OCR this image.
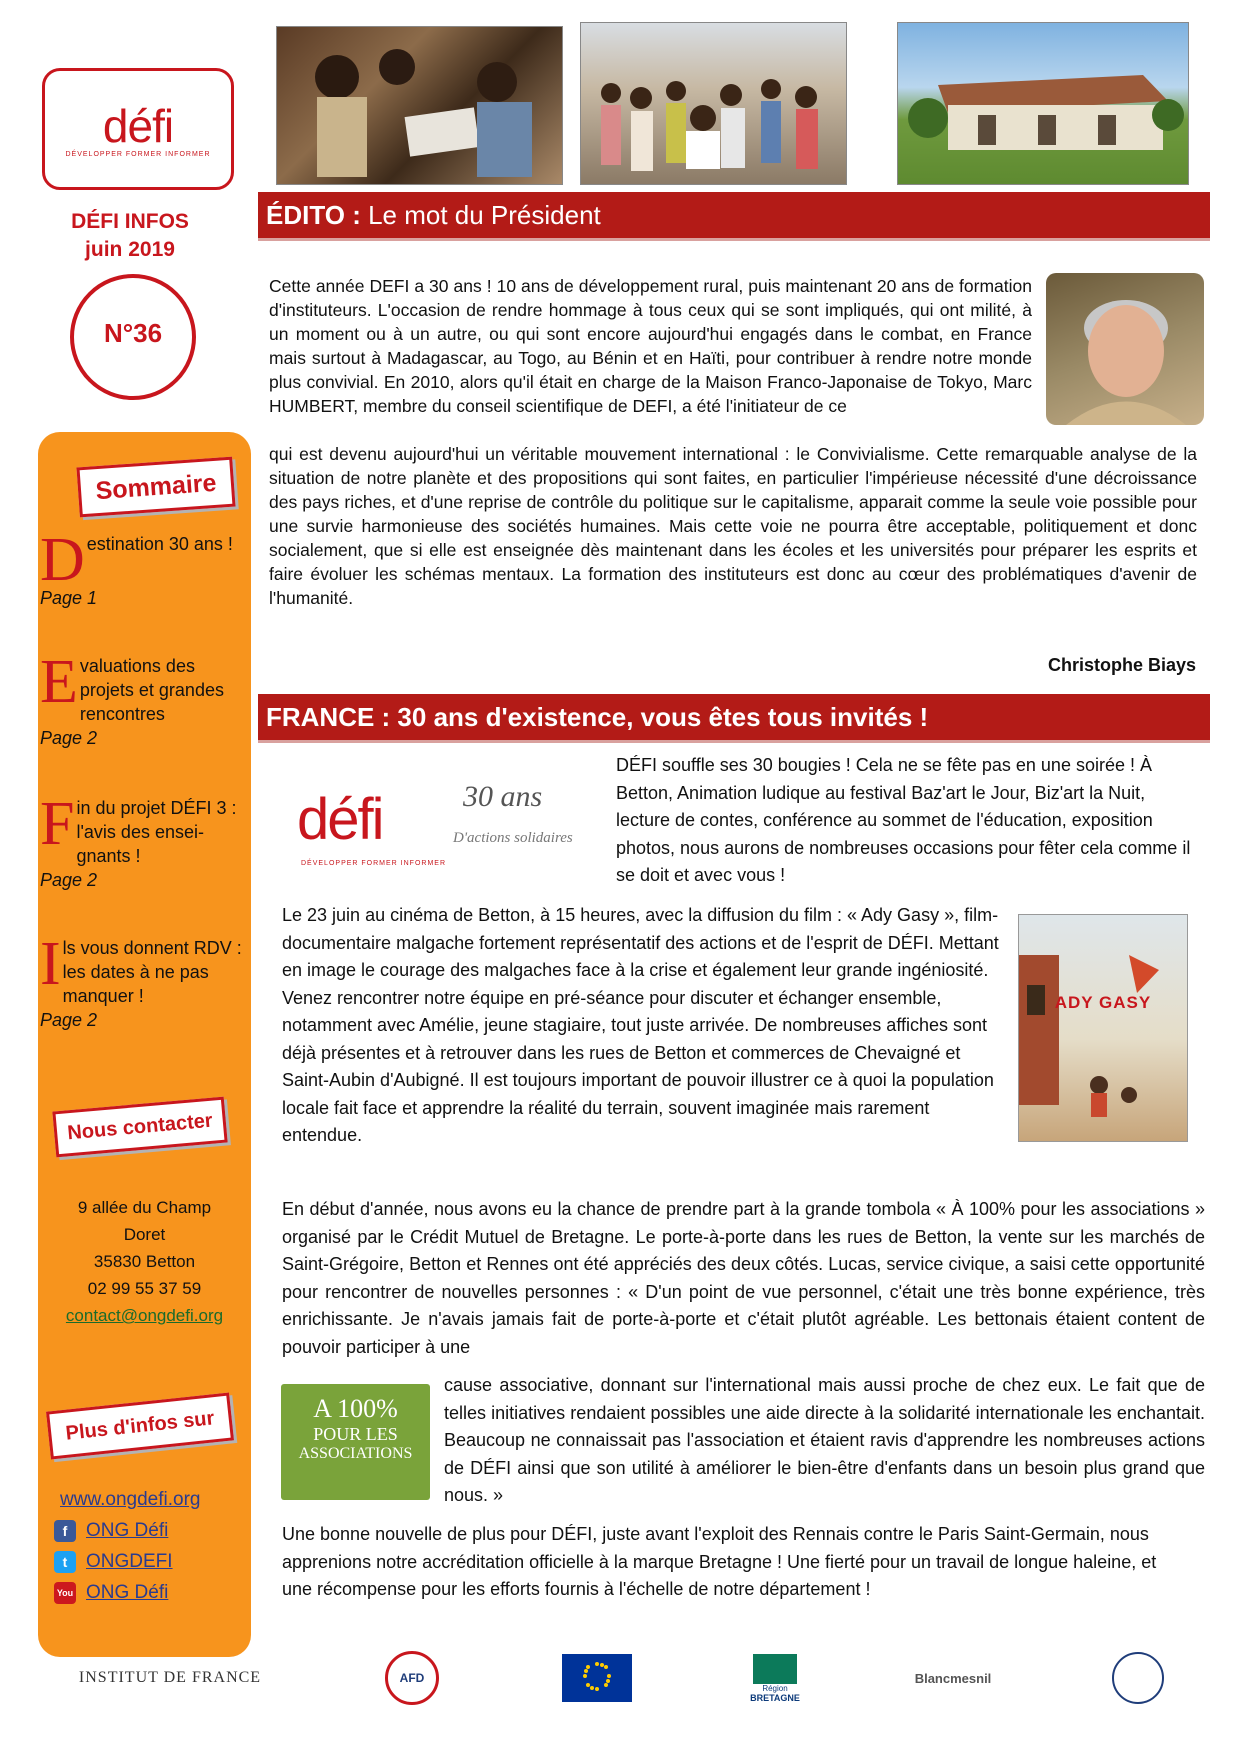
défi
DÉVELOPPER FORMER INFORMER
DÉFI INFOS
juin 2019
N°36
Sommaire
D estination 30 ans !
Page 1
E valuations des projets et grandes rencontres
Page 2
F in du projet DÉFI 3 : l'avis des ensei-gnants !
Page 2
I ls vous donnent RDV : les dates à ne pas manquer !
Page 2
Nous contacter
9 allée du Champ
Doret
35830 Betton
02 99 55 37 59
contact@ongdefi.org
Plus d'infos sur
www.ongdefi.org
f ONG Défi
t ONGDEFI
You ONG Défi
ÉDITO : Le mot du Président
Cette année DEFI a 30 ans ! 10 ans de développement rural, puis maintenant 20 ans de formation d'instituteurs. L'occasion de rendre hommage à tous ceux qui se sont impliqués, qui ont milité, à un moment ou à un autre, ou qui sont encore aujourd'hui engagés dans le combat, en France mais surtout à Madagascar, au Togo, au Bénin et en Haïti, pour contribuer à rendre notre monde plus convivial. En 2010, alors qu'il était en charge de la Maison Franco-Japonaise de Tokyo, Marc HUMBERT, membre du conseil scientifique de DEFI, a été l'initiateur de ce
qui est devenu aujourd'hui un véritable mouvement international : le Convivialisme. Cette remarquable analyse de la situation de notre planète et des propositions qui sont faites, en particulier l'impérieuse nécessité d'une décroissance des pays riches, et d'une reprise de contrôle du politique sur le capitalisme, apparait comme la seule voie possible pour une survie harmonieuse des sociétés humaines. Mais cette voie ne pourra être acceptable, politiquement et donc socialement, que si elle est enseignée dès maintenant dans les écoles et les universités pour préparer les esprits et faire évoluer les schémas mentaux. La formation des instituteurs est donc au cœur des problématiques d'avenir de l'humanité.
Christophe Biays
FRANCE : 30 ans d'existence, vous êtes tous invités !
défi
DÉVELOPPER FORMER INFORMER
30 ans
D'actions solidaires
DÉFI souffle ses 30 bougies ! Cela ne se fête pas en une soirée ! À Betton, Animation ludique au festival Baz'art le Jour, Biz'art la Nuit, lecture de contes, conférence au sommet de l'éducation, exposition photos, nous aurons de nombreuses occasions pour fêter cela comme il se doit et avec vous !
ADY GASY
Le 23 juin au cinéma de Betton, à 15 heures, avec la diffusion du film : « Ady Gasy », film-documentaire malgache fortement représentatif des actions et de l'esprit de DÉFI. Mettant en image le courage des malgaches face à la crise et également leur grande ingéniosité. Venez rencontrer notre équipe en pré-séance pour discuter et échanger ensemble, notamment avec Amélie, jeune stagiaire, tout juste arrivée. De nombreuses affiches sont déjà présentes et à retrouver dans les rues de Betton et commerces de Chevaigné et Saint-Aubin d'Aubigné. Il est toujours important de pouvoir illustrer ce à quoi la population locale fait face et apprendre la réalité du terrain, souvent imaginée mais rarement entendue.
En début d'année, nous avons eu la chance de prendre part à la grande tombola « À 100% pour les associations » organisé par le Crédit Mutuel de Bretagne. Le porte-à-porte dans les rues de Betton, la vente sur les marchés de Saint-Grégoire, Betton et Rennes ont été appréciés des deux côtés. Lucas, service civique, a saisi cette opportunité pour rencontrer de nouvelles personnes : « D'un point de vue personnel, c'était une très bonne expérience, très enrichissante. Je n'avais jamais fait de porte-à-porte et c'était plutôt agréable. Les bettonais étaient content de pouvoir participer à une
A 100%
POUR LES
ASSOCIATIONS
cause associative, donnant sur l'international mais aussi proche de chez eux. Le fait que de telles initiatives rendaient possibles une aide directe à la solidarité internationale les enchantait. Beaucoup ne connaissait pas l'association et étaient ravis d'apprendre les nombreuses actions de DÉFI ainsi que son utilité à améliorer le bien-être d'enfants dans un besoin plus grand que nous. »
Une bonne nouvelle de plus pour DÉFI, juste avant l'exploit des Rennais contre le Paris Saint-Germain, nous apprenions notre accréditation officielle à la marque Bretagne ! Une fierté pour un travail de longue haleine, et une récompense pour les efforts fournis à l'échelle de notre département !
INSTITUT DE FRANCE	AFD
Région
BRETAGNE
Blancmesnil
